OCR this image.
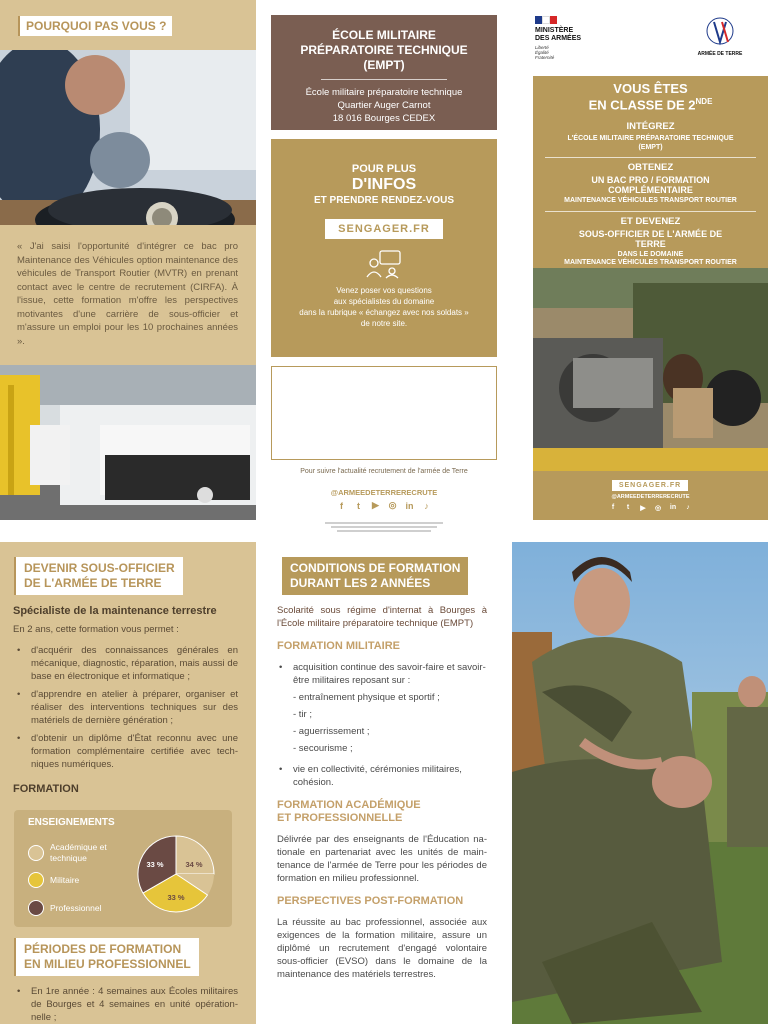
POURQUOI PAS VOUS ?
« J'ai saisi l'opportunité d'intégrer ce bac pro Maintenance des Véhicules option maintenance des véhicules de Transport Routier (MVTR) en prenant contact avec le centre de recrutement (CIRFA). À l'issue, cette formation m'offre les perspectives motivantes d'une carrière de sous-officier et m'assure un emploi pour les 10 prochaines années ».
ÉCOLE MILITAIRE PRÉPARATOIRE TECHNIQUE (EMPT)
École militaire préparatoire technique
Quartier Auger Carnot
18 016 Bourges CEDEX
POUR PLUS
D'INFOS
ET PRENDRE RENDEZ-VOUS
SENGAGER.FR
Venez poser vos questions
aux spécialistes du domaine
dans la rubrique « échangez avec nos soldats »
de notre site.
Pour suivre l'actualité recrutement de l'armée de Terre
@ARMEEDETERRERECRUTE
f	t	▶ ◎ in	♪
MINISTÈRE
DES ARMÉES
Liberté
Égalité
Fraternité
ARMÉE DE TERRE
VOUS ÊTES
EN CLASSE DE 2NDE
INTÉGREZ
L'ÉCOLE MILITAIRE PRÉPARATOIRE TECHNIQUE (EMPT)
OBTENEZ
UN BAC PRO / FORMATION COMPLÉMENTAIRE
MAINTENANCE VÉHICULES TRANSPORT ROUTIER
ET DEVENEZ
SOUS-OFFICIER DE L'ARMÉE DE TERRE
DANS LE DOMAINE
MAINTENANCE VÉHICULES TRANSPORT ROUTIER
SENGAGER.FR
@ARMEEDETERRERECRUTE
f	t	▶	◎	in	♪
DEVENIR SOUS-OFFICIER
DE L'ARMÉE DE TERRE
Spécialiste de la maintenance terrestre
En 2 ans, cette formation vous permet :
• d'acquérir des connaissances générales en mécanique, diagnostic, réparation, mais aussi de base en électronique et informatique ;
• d'apprendre en atelier à préparer, organiser et réaliser des interventions techniques sur des matériels de dernière génération ;
• d'obtenir un diplôme d'État reconnu avec une formation complémentaire certifiée avec techniques numériques.
FORMATION
ENSEIGNEMENTS
Académique et technique
Militaire
Professionnel
34 %
33 %
33 %
PÉRIODES DE FORMATION
EN MILIEU PROFESSIONNEL
• En 1re année : 4 semaines aux Écoles militaires de Bourges et 4 semaines en unité opérationnelle ;
CONDITIONS DE FORMATION
DURANT LES 2 ANNÉES
Scolarité sous régime d'internat à Bourges à l'École militaire préparatoire technique (EMPT)
FORMATION MILITAIRE
• acquisition continue des savoir-faire et savoir-être militaires reposant sur :
- entraînement physique et sportif ;
- tir ;
- aguerrissement ;
- secourisme ;
• vie en collectivité, cérémonies militaires, cohésion.
FORMATION ACADÉMIQUE
ET PROFESSIONNELLE
Délivrée par des enseignants de l'Éducation nationale en partenariat avec les unités de maintenance de l'armée de Terre pour les périodes de formation en milieu professionnel.
PERSPECTIVES POST-FORMATION
La réussite au bac professionnel, associée aux exigences de la formation militaire, assure un diplômé un recrutement d'engagé volontaire sous-officier (EVSO) dans le domaine de la maintenance des matériels terrestres.
